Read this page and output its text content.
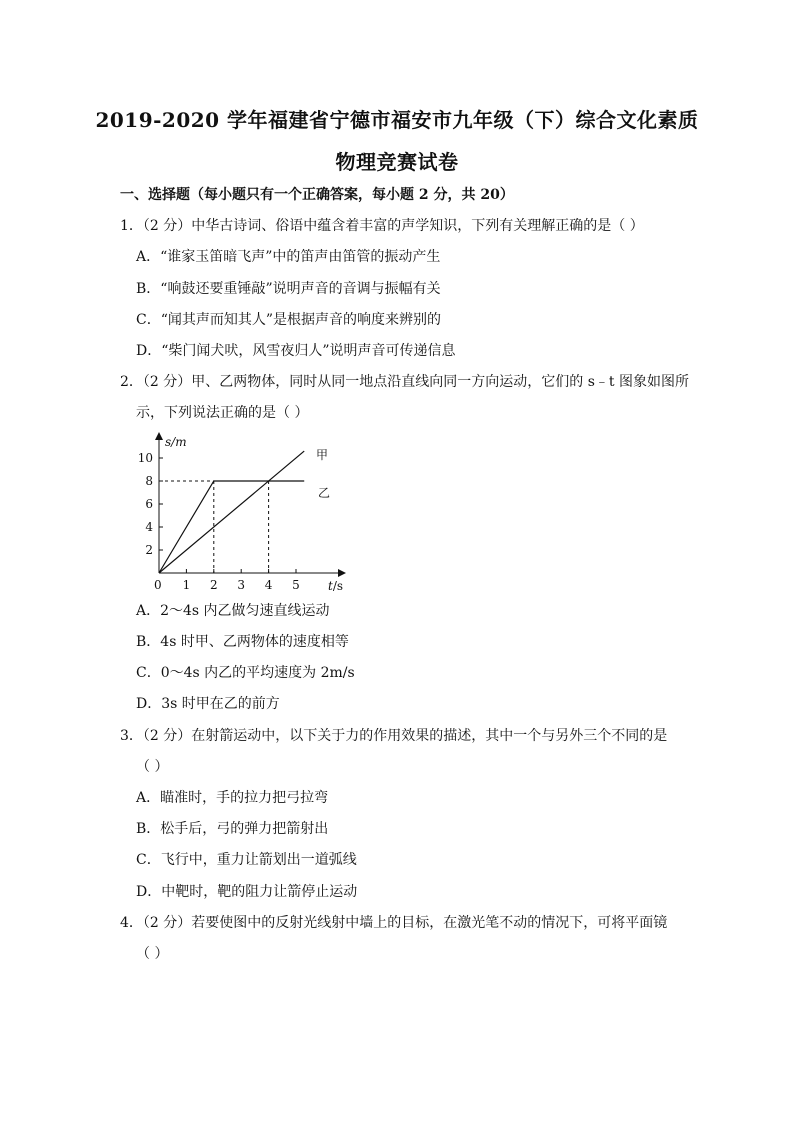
2019-2020 学年福建省宁德市福安市九年级（下）综合文化素质
物理竞赛试卷
一、选择题（每小题只有一个正确答案，每小题 2 分，共 20）
1．（2 分）中华古诗词、俗语中蕴含着丰富的声学知识，下列有关理解正确的是（ ）
A．“谁家玉笛暗飞声”中的笛声由笛管的振动产生
B．“响鼓还要重锤敲”说明声音的音调与振幅有关
C．“闻其声而知其人”是根据声音的响度来辨别的
D．“柴门闻犬吠，风雪夜归人”说明声音可传递信息
2．（2 分）甲、乙两物体，同时从同一地点沿直线向同一方向运动，它们的 s﹣t 图象如图所
示，下列说法正确的是（ ）
2
4
6
8
10
1 2 3 4 5
s/m
t/s
0
甲
乙
A．2～4s 内乙做匀速直线运动
B．4s 时甲、乙两物体的速度相等
C．0～4s 内乙的平均速度为 2m/s
D．3s 时甲在乙的前方
3．（2 分）在射箭运动中，以下关于力的作用效果的描述，其中一个与另外三个不同的是
（ ）
A．瞄准时，手的拉力把弓拉弯
B．松手后，弓的弹力把箭射出
C．飞行中，重力让箭划出一道弧线
D．中靶时，靶的阻力让箭停止运动
4．（2 分）若要使图中的反射光线射中墙上的目标，在激光笔不动的情况下，可将平面镜
（ ）
